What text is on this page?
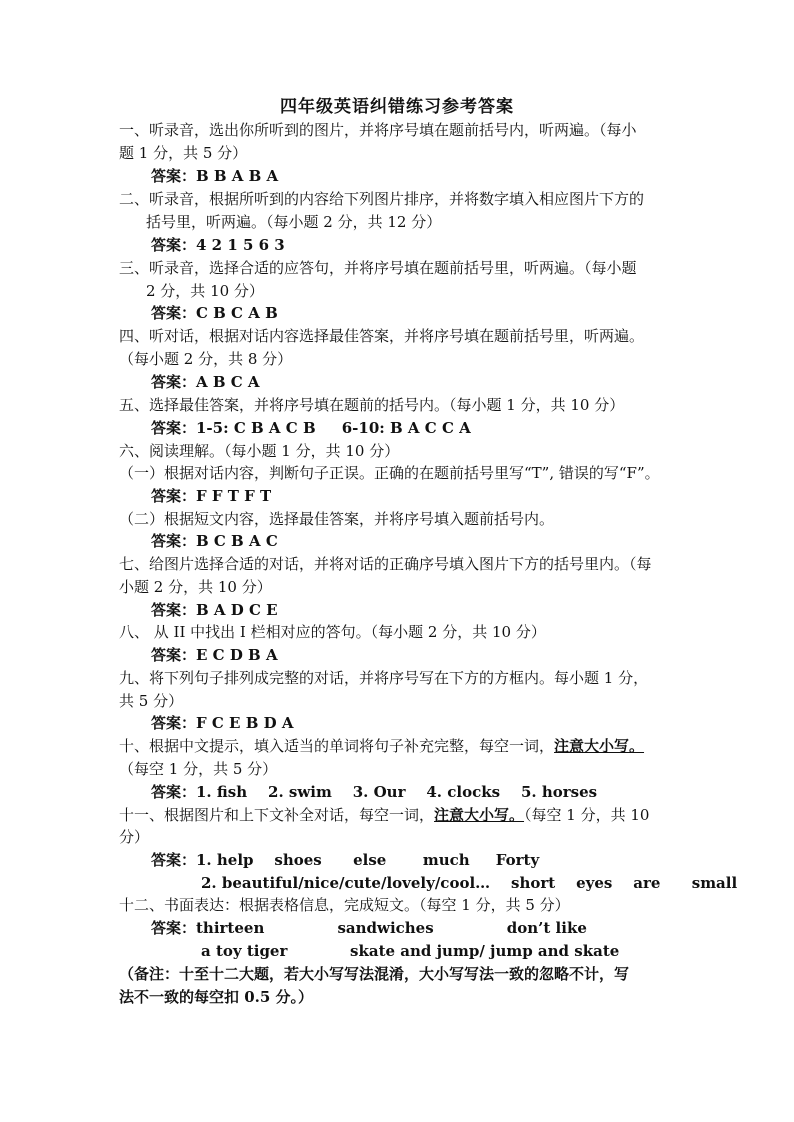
四年级英语纠错练习参考答案
一、听录音，选出你所听到的图片，并将序号填在题前括号内，听两遍。（每小
题 1 分，共 5 分）
答案：B B A B A
二、听录音，根据所听到的内容给下列图片排序，并将数字填入相应图片下方的
括号里，听两遍。（每小题 2 分，共 12 分）
答案：4 2 1 5 6 3
三、听录音，选择合适的应答句，并将序号填在题前括号里，听两遍。（每小题
2 分，共 10 分）
答案：C B C A B
四、听对话，根据对话内容选择最佳答案，并将序号填在题前括号里，听两遍。
（每小题 2 分，共 8 分）
答案：A B C A
五、选择最佳答案，并将序号填在题前的括号内。（每小题 1 分，共 10 分）
答案：1-5: C B A C B     6-10: B A C C A
六、阅读理解。（每小题 1 分，共 10 分）
（一）根据对话内容，判断句子正误。正确的在题前括号里写“T”, 错误的写“F”。
答案：F F T F T
（二）根据短文内容，选择最佳答案，并将序号填入题前括号内。
答案：B C B A C
七、给图片选择合适的对话，并将对话的正确序号填入图片下方的括号里内。（每
小题 2 分，共 10 分）
答案：B A D C E
八、 从 II 中找出 I 栏相对应的答句。（每小题 2 分，共 10 分）
答案：E C D B A
九、将下列句子排列成完整的对话，并将序号写在下方的方框内。每小题 1 分，
共 5 分）
答案：F C E B D A
十、根据中文提示，填入适当的单词将句子补充完整，每空一词，注意大小写。
（每空 1 分，共 5 分）
答案：1. fish    2. swim    3. Our    4. clocks    5. horses
十一、根据图片和上下文补全对话，每空一词，注意大小写。（每空 1 分，共 10
分）
答案：1. help    shoes      else       much     Forty
2. beautiful/nice/cute/lovely/cool…    short    eyes    are      small
十二、书面表达：根据表格信息，完成短文。（每空 1 分，共 5 分）
答案：thirteen              sandwiches              don’t like
a toy tiger            skate and jump/ jump and skate
（备注：十至十二大题，若大小写写法混淆，大小写写法一致的忽略不计，写
法不一致的每空扣 0.5 分。）
